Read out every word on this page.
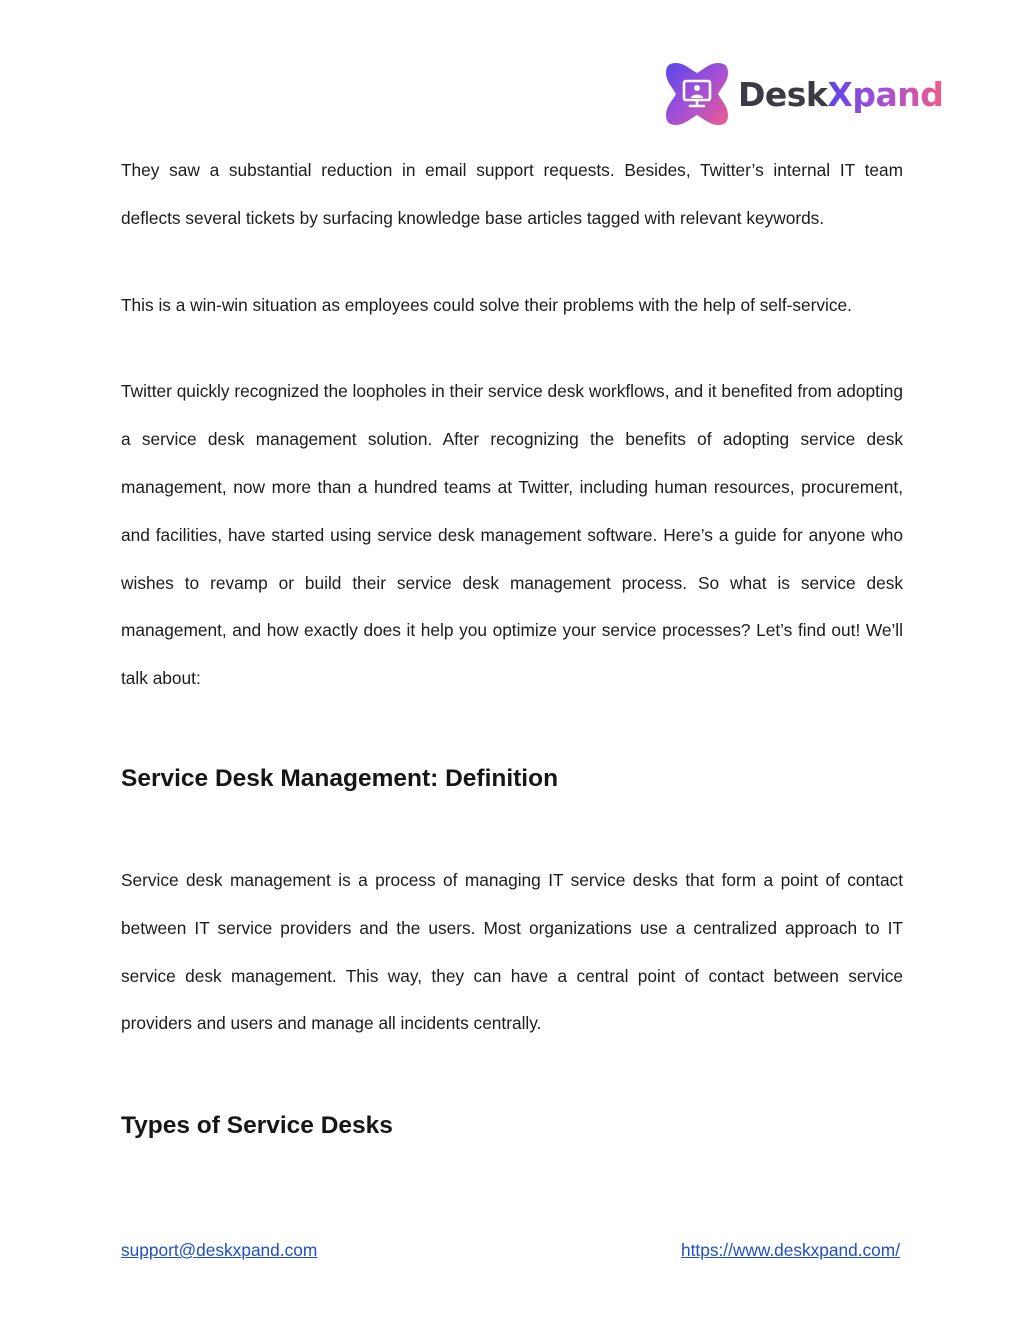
DeskXpand

They saw a substantial reduction in email support requests. Besides, Twitter’s internal IT team deflects several tickets by surfacing knowledge base articles tagged with relevant keywords.

This is a win-win situation as employees could solve their problems with the help of self-service.

Twitter quickly recognized the loopholes in their service desk workflows, and it benefited from adopting a service desk management solution. After recognizing the benefits of adopting service desk management, now more than a hundred teams at Twitter, including human resources, procurement, and facilities, have started using service desk management software. Here’s a guide for anyone who wishes to revamp or build their service desk management process. So what is service desk management, and how exactly does it help you optimize your service processes? Let’s find out! We’ll talk about:

Service Desk Management: Definition

Service desk management is a process of managing IT service desks that form a point of contact between IT service providers and the users. Most organizations use a centralized approach to IT service desk management. This way, they can have a central point of contact between service providers and users and manage all incidents centrally.

Types of Service Desks
support@deskxpand.com	https://www.deskxpand.com/
